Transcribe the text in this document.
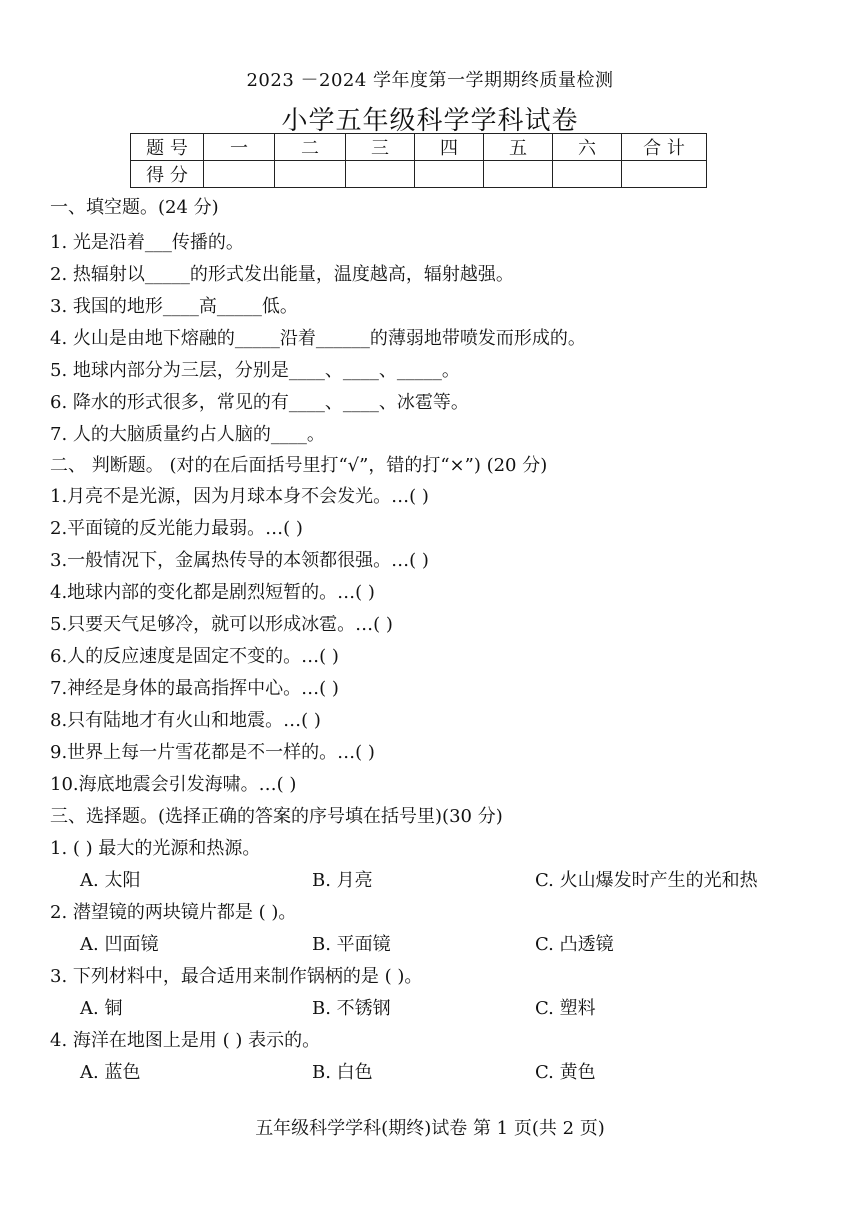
2023 －2024 学年度第一学期期终质量检测
小学五年级科学学科试卷
题 号	一	二	三	四	五	六	合 计
得 分							
一、填空题。(24 分)
1. 光是沿着___传播的。
2. 热辐射以_____的形式发出能量，温度越高，辐射越强。
3. 我国的地形____高_____低。
4. 火山是由地下熔融的_____沿着______的薄弱地带喷发而形成的。
5. 地球内部分为三层，分别是____、____、_____。
6. 降水的形式很多，常见的有____、____、冰雹等。
7. 人的大脑质量约占人脑的____。
二、 判断题。 (对的在后面括号里打“√”，错的打“×”) (20 分)
1.月亮不是光源，因为月球本身不会发光。…( )
2.平面镜的反光能力最弱。…( )
3.一般情况下，金属热传导的本领都很强。…( )
4.地球内部的变化都是剧烈短暂的。…( )
5.只要天气足够冷，就可以形成冰雹。…( )
6.人的反应速度是固定不变的。…( )
7.神经是身体的最高指挥中心。…( )
8.只有陆地才有火山和地震。…( )
9.世界上每一片雪花都是不一样的。…( )
10.海底地震会引发海啸。…( )
三、选择题。(选择正确的答案的序号填在括号里)(30 分)
1. ( ) 最大的光源和热源。
A. 太阳	B. 月亮	C. 火山爆发时产生的光和热
2. 潜望镜的两块镜片都是 ( )。
A. 凹面镜	B. 平面镜	C. 凸透镜
3. 下列材料中，最合适用来制作锅柄的是 ( )。
A. 铜	B. 不锈钢	C. 塑料
4. 海洋在地图上是用 ( ) 表示的。
A. 蓝色	B. 白色	C. 黄色
五年级科学学科(期终)试卷 第 1 页(共 2 页)
